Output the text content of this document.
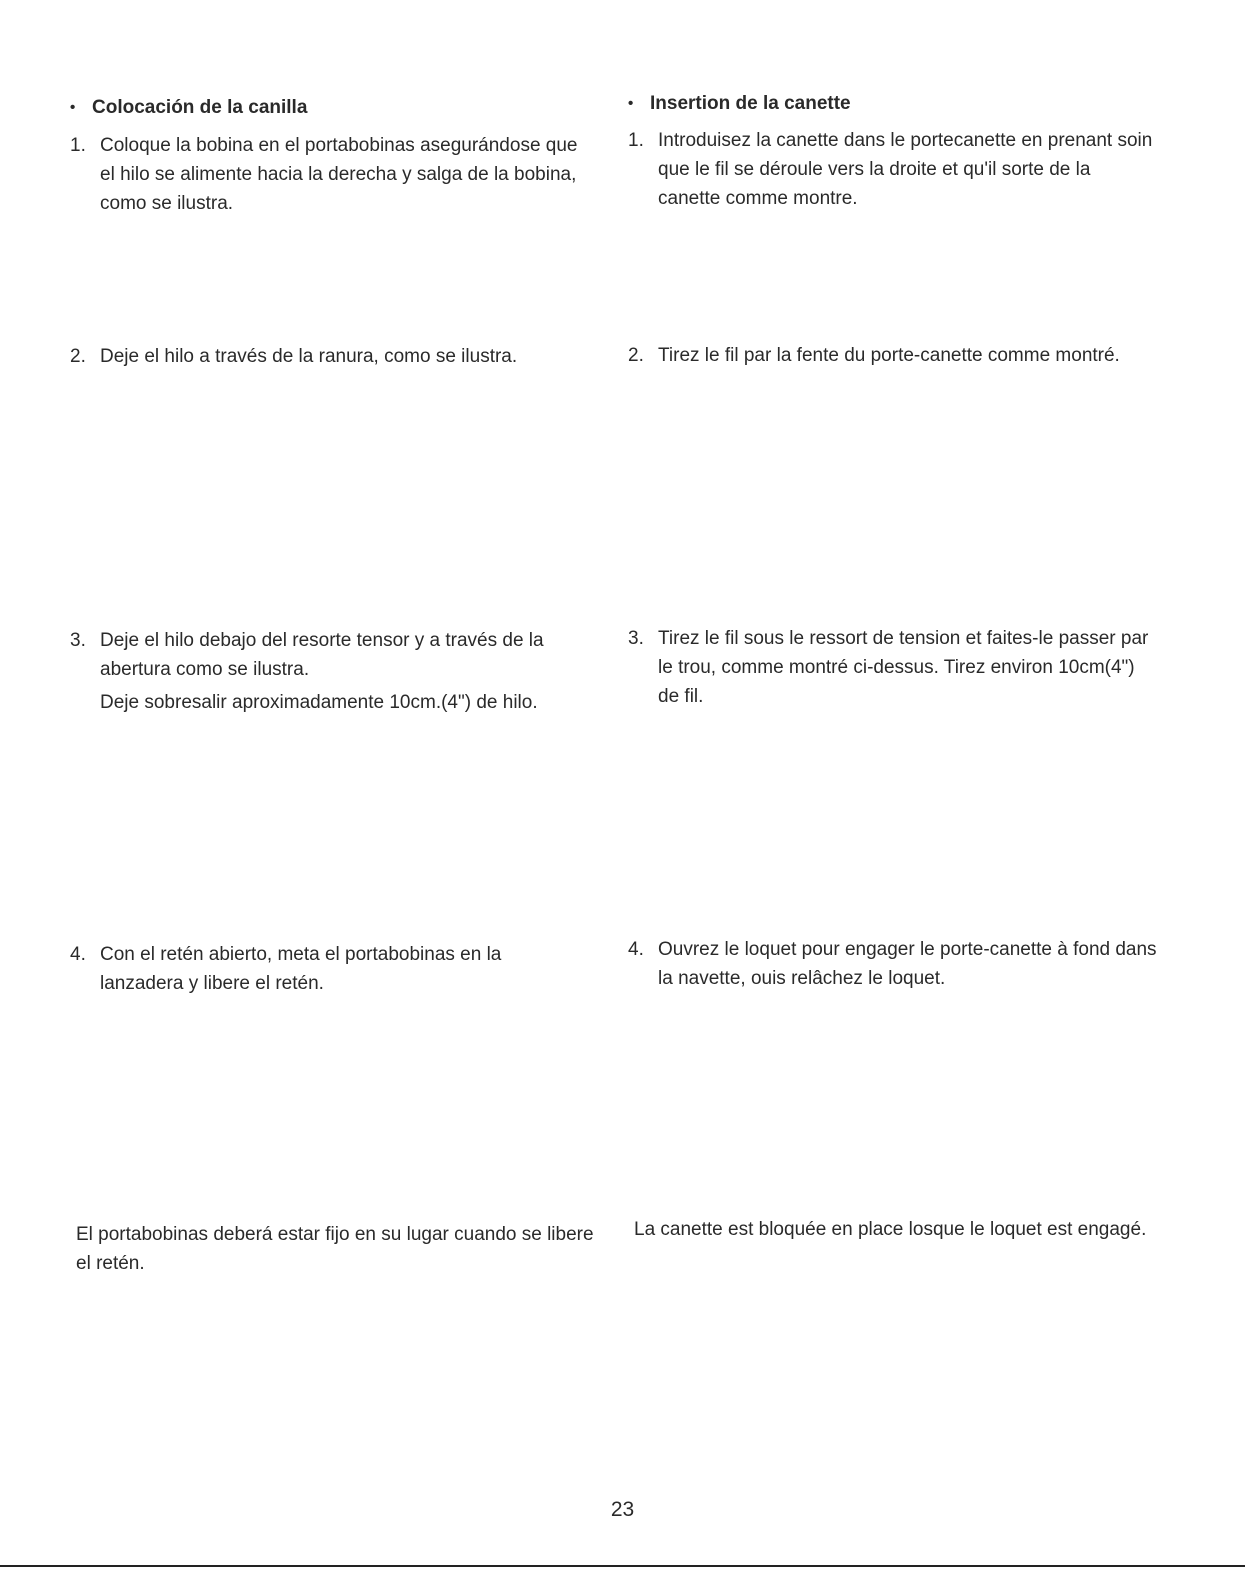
• Colocación de la canilla
1. Coloque la bobina en el portabobinas asegurándose que el hilo se alimente hacia la derecha y salga de la bobina, como se ilustra.
2. Deje el hilo a través de la ranura, como se ilustra.
3. Deje el hilo debajo del resorte tensor y a través de la abertura como se ilustra.
Deje sobresalir aproximadamente 10cm.(4") de hilo.
4. Con el retén abierto, meta el portabobinas en la lanzadera y libere el retén.
El portabobinas deberá estar fijo en su lugar cuando se libere el retén.
• Insertion de la canette
1. Introduisez la canette dans le portecanette en prenant soin que le fil se déroule vers la droite et qu'il sorte de la canette comme montre.
2. Tirez le fil par la fente du porte-canette comme montré.
3. Tirez le fil sous le ressort de tension et faites-le passer par le trou, comme montré ci-dessus. Tirez environ 10cm(4") de fil.
4. Ouvrez le loquet pour engager le porte-canette à fond dans la navette, ouis relâchez le loquet.
La canette est bloquée en place losque le loquet est engagé.
23
